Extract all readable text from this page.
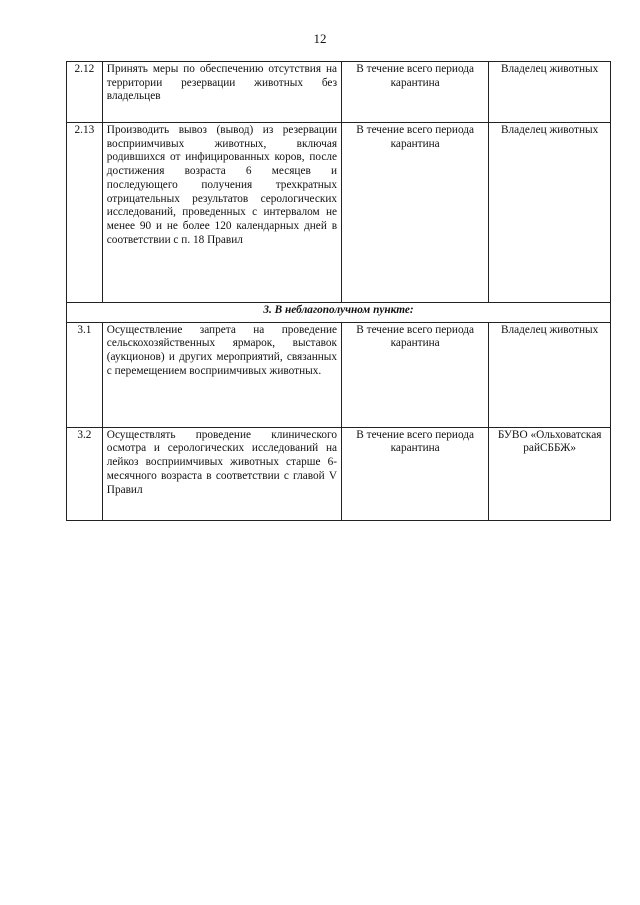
12
2.12	Принять меры по обеспечению отсутствия на территории резервации животных без владельцев	В течение всего периода карантина	Владелец животных
2.13	Производить вывоз (вывод) из резервации восприимчивых животных, включая родившихся от инфицированных коров, после достижения возраста 6 месяцев и последующего получения трехкратных отрицательных результатов серологических исследований, проведенных с интервалом не менее 90 и не более 120 календарных дней в соответствии с п. 18 Правил	В течение всего периода карантина	Владелец животных
3. В неблагополучном пункте:			
3.1	Осуществление запрета на проведение сельскохозяйственных ярмарок, выставок (аукционов) и других мероприятий, связанных с перемещением восприимчивых животных.	В течение всего периода карантина	Владелец животных
3.2	Осуществлять проведение клинического осмотра и серологических исследований на лейкоз восприимчивых животных старше 6-месячного возраста в соответствии с главой V Правил	В течение всего периода карантина	БУВО «Ольховатская райСББЖ»
